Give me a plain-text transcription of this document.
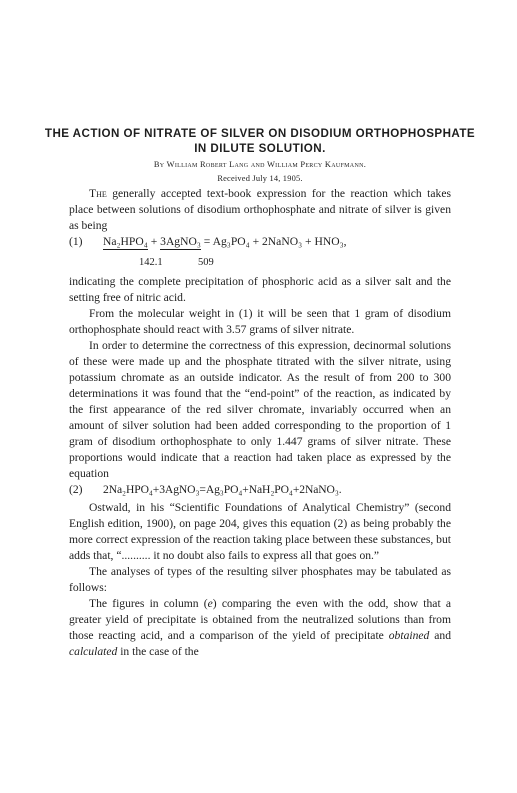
THE ACTION OF NITRATE OF SILVER ON DISODIUM ORTHOPHOSPHATE IN DILUTE SOLUTION.
By William Robert Lang and William Percy Kaufmann.
Received July 14, 1905.

The generally accepted text-book expression for the reaction which takes place between solutions of disodium orthophosphate and nitrate of silver is given as being

(1) Na₂HPO₄ + 3AgNO₃ = Ag₃PO₄ + 2NaNO₃ + HNO₃,
142.1	509

indicating the complete precipitation of phosphoric acid as a silver salt and the setting free of nitric acid.

From the molecular weight in (1) it will be seen that 1 gram of disodium orthophosphate should react with 3.57 grams of silver nitrate.

In order to determine the correctness of this expression, decinormal solutions of these were made up and the phosphate titrated with the silver nitrate, using potassium chromate as an outside indicator. As the result of from 200 to 300 determinations it was found that the “end-point” of the reaction, as indicated by the first appearance of the red silver chromate, invariably occurred when an amount of silver solution had been added corresponding to the proportion of 1 gram of disodium orthophosphate to only 1.447 grams of silver nitrate. These proportions would indicate that a reaction had taken place as expressed by the equation

(2) 2Na₂HPO₄+3AgNO₃=Ag₃PO₄+NaH₂PO₄+2NaNO₃.

Ostwald, in his “Scientific Foundations of Analytical Chemistry” (second English edition, 1900), on page 204, gives this equation (2) as being probably the more correct expression of the reaction taking place between these substances, but adds that, “.......... it no doubt also fails to express all that goes on.”

The analyses of types of the resulting silver phosphates may be tabulated as follows:

The figures in column (e) comparing the even with the odd, show that a greater yield of precipitate is obtained from the neutralized solutions than from those reacting acid, and a comparison of the yield of precipitate obtained and calculated in the case of the
